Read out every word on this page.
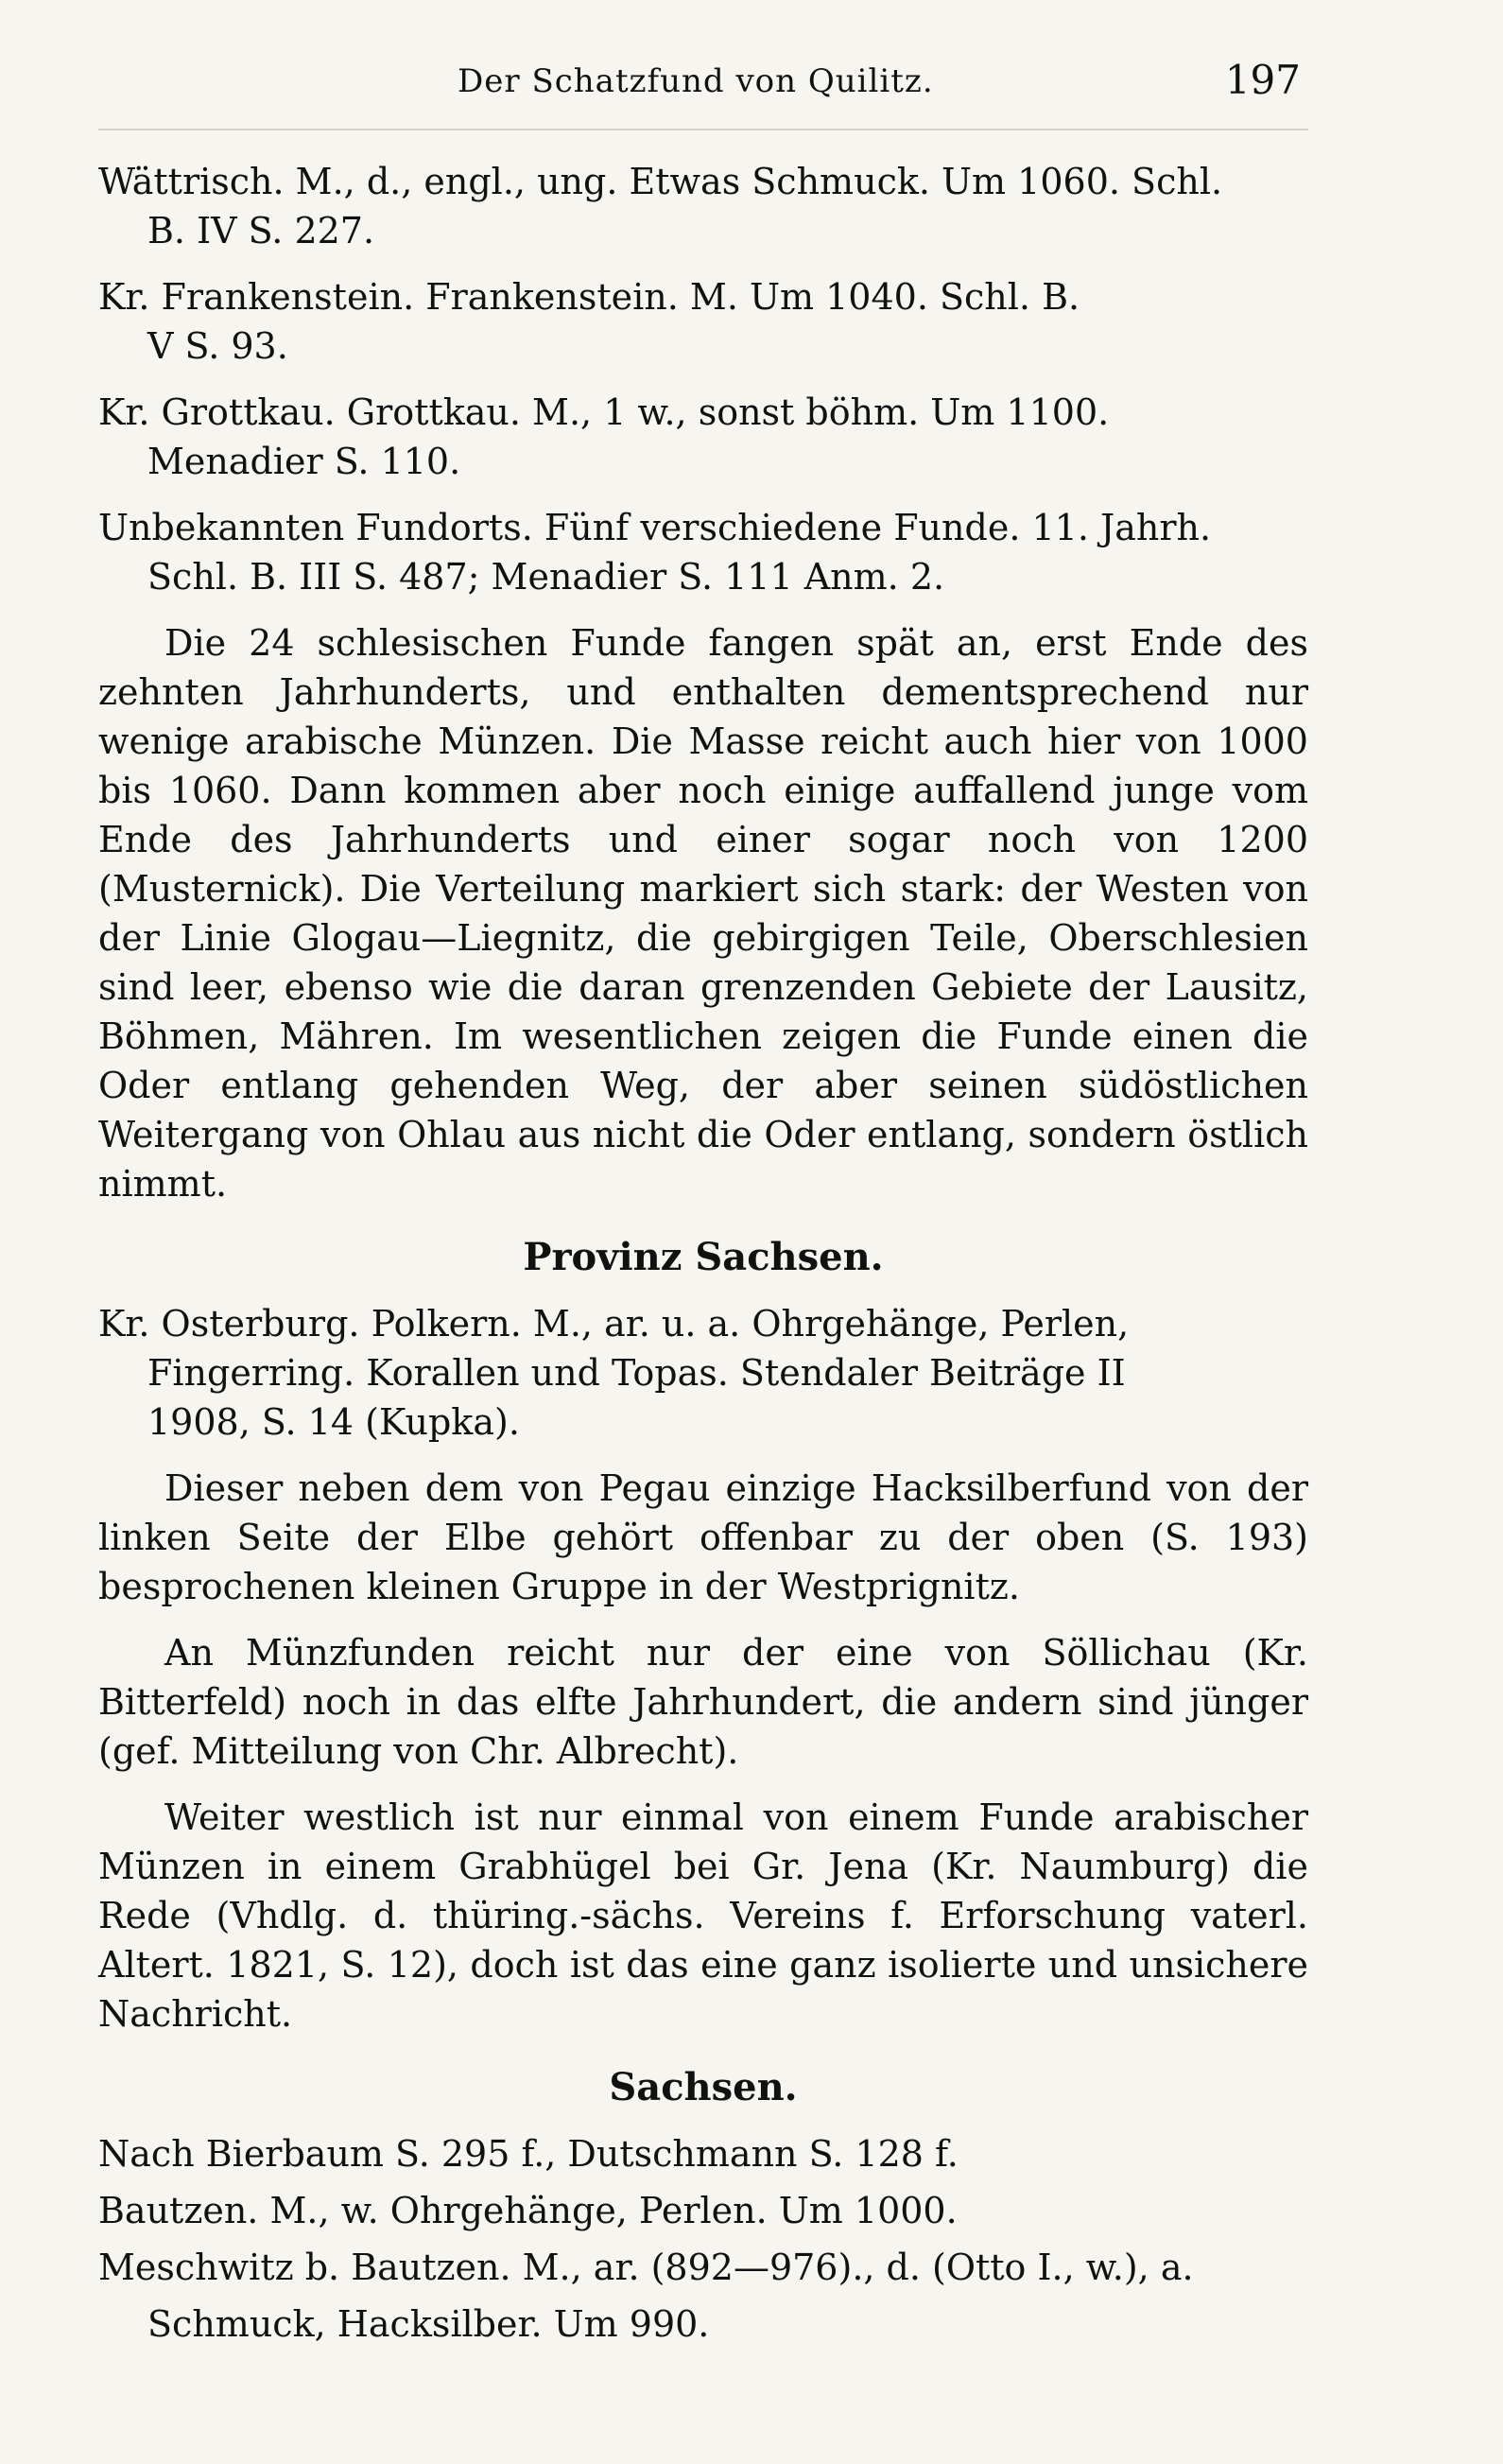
Der Schatzfund von Quilitz.	197
Wättrisch. M., d., engl., ung. Etwas Schmuck. Um 1060. Schl.
B. IV S. 227.
Kr. Frankenstein. Frankenstein. M. Um 1040. Schl. B.
V S. 93.
Kr. Grottkau. Grottkau. M., 1 w., sonst böhm. Um 1100.
Menadier S. 110.
Unbekannten Fundorts. Fünf verschiedene Funde. 11. Jahrh.
Schl. B. III S. 487; Menadier S. 111 Anm. 2.

Die 24 schlesischen Funde fangen spät an, erst Ende des zehnten Jahrhunderts, und enthalten dementsprechend nur wenige arabische Münzen. Die Masse reicht auch hier von 1000 bis 1060. Dann kommen aber noch einige auffallend junge vom Ende des Jahrhunderts und einer sogar noch von 1200 (Musternick). Die Verteilung markiert sich stark: der Westen von der Linie Glogau—Liegnitz, die gebirgigen Teile, Oberschlesien sind leer, ebenso wie die daran grenzenden Gebiete der Lausitz, Böhmen, Mähren. Im wesentlichen zeigen die Funde einen die Oder entlang gehenden Weg, der aber seinen südöstlichen Weitergang von Ohlau aus nicht die Oder entlang, sondern östlich nimmt.

Provinz Sachsen.
Kr. Osterburg. Polkern. M., ar. u. a. Ohrgehänge, Perlen,
Fingerring. Korallen und Topas. Stendaler Beiträge II
1908, S. 14 (Kupka).

Dieser neben dem von Pegau einzige Hacksilberfund von der linken Seite der Elbe gehört offenbar zu der oben (S. 193) besprochenen kleinen Gruppe in der Westprignitz.

An Münzfunden reicht nur der eine von Söllichau (Kr. Bitterfeld) noch in das elfte Jahrhundert, die andern sind jünger (gef. Mitteilung von Chr. Albrecht).

Weiter westlich ist nur einmal von einem Funde arabischer Münzen in einem Grabhügel bei Gr. Jena (Kr. Naumburg) die Rede (Vhdlg. d. thüring.-sächs. Vereins f. Erforschung vaterl. Altert. 1821, S. 12), doch ist das eine ganz isolierte und unsichere Nachricht.

Sachsen.
Nach Bierbaum S. 295 f., Dutschmann S. 128 f.
Bautzen. M., w. Ohrgehänge, Perlen. Um 1000.
Meschwitz b. Bautzen. M., ar. (892—976)., d. (Otto I., w.), a.
Schmuck, Hacksilber. Um 990.
